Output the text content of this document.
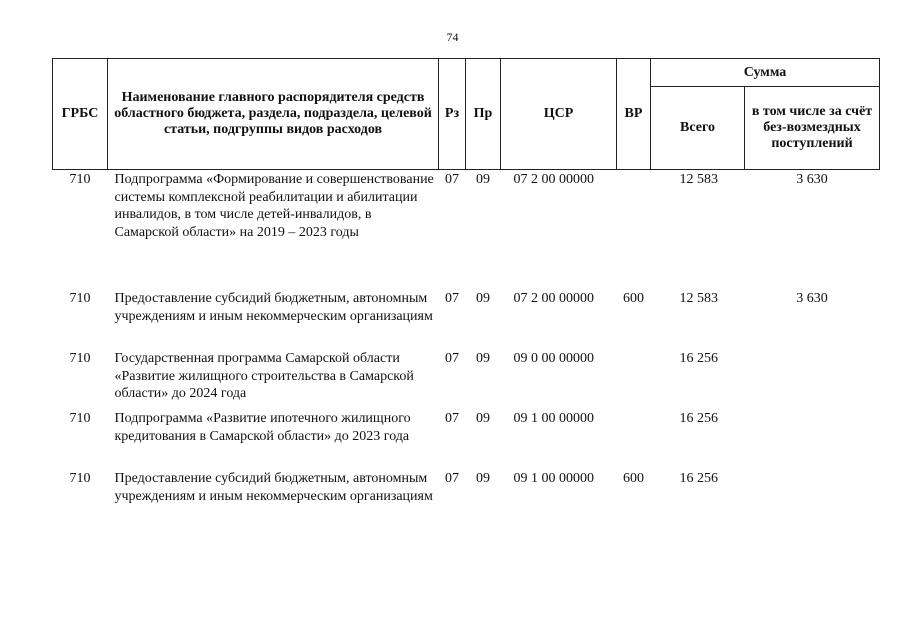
74
ГРБС	Наименование главного распорядителя средств областного бюджета, раздела, подраздела, целевой статьи, подгруппы видов расходов	Рз	Пр	ЦСР	ВР	Сумма	
						Всего	в том числе за счёт без-возмездных поступлений
710	Подпрограмма «Формирование и совершенствование системы комплексной реабилитации и абилитации инвалидов, в том числе детей-инвалидов, в Самарской области» на 2019 – 2023 годы	07	09	07 2 00 00000		12 583	3 630
710	Предоставление субсидий бюджетным, автономным учреждениям и иным некоммерческим организациям	07	09	07 2 00 00000	600	12 583	3 630
710	Государственная программа Самарской области «Развитие жилищного строительства в Самарской области» до 2024 года	07	09	09 0 00 00000		16 256	
710	Подпрограмма «Развитие ипотечного жилищного кредитования в Самарской области» до 2023 года	07	09	09 1 00 00000		16 256	
710	Предоставление субсидий бюджетным, автономным учреждениям и иным некоммерческим организациям	07	09	09 1 00 00000	600	16 256	
